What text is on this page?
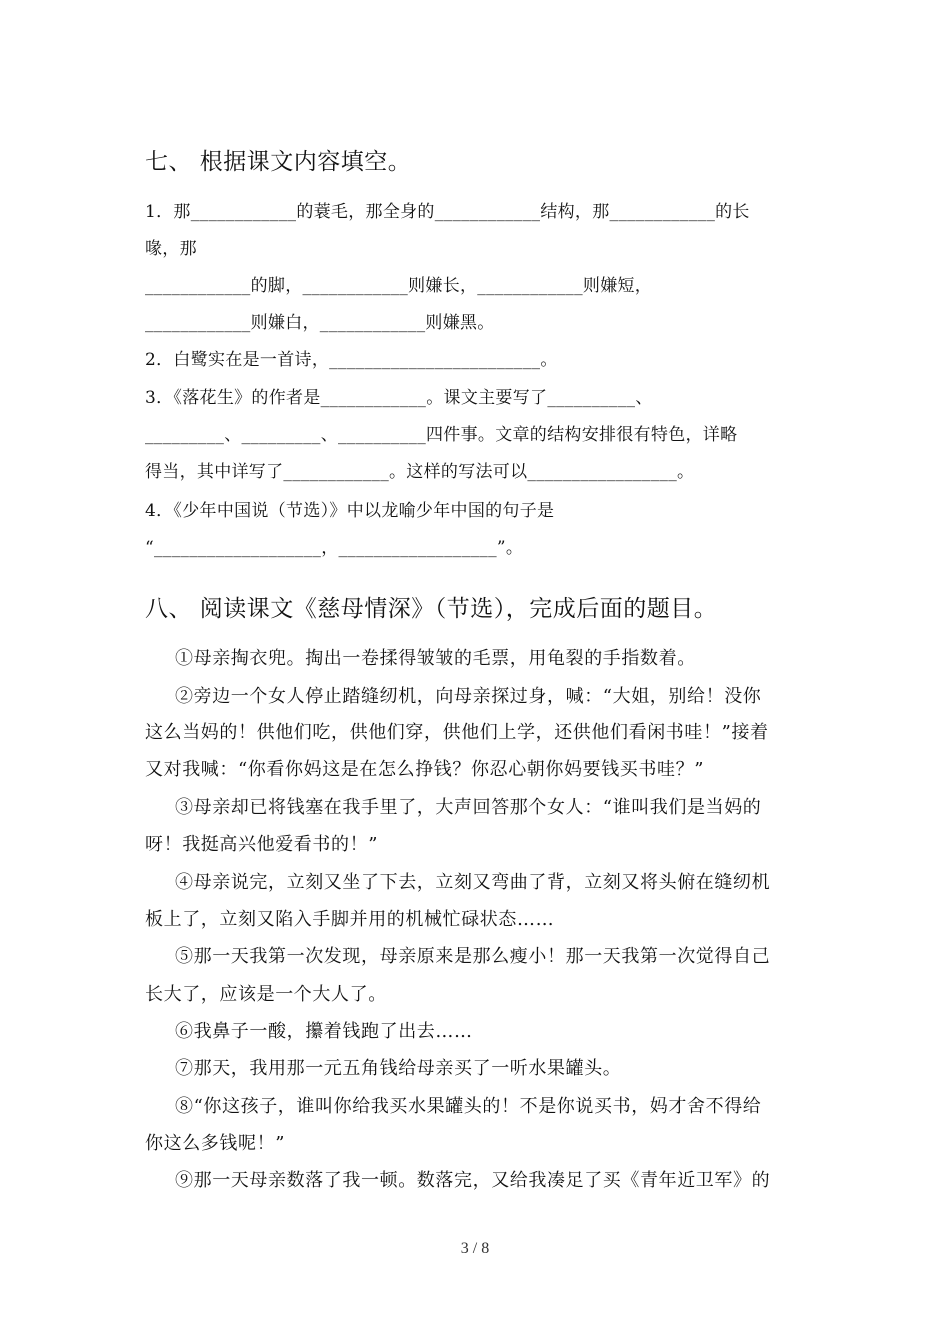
七、 根据课文内容填空。
1．那____________的蓑毛，那全身的____________结构，那____________的长
喙，那
____________的脚，____________则嫌长，____________则嫌短，
____________则嫌白，____________则嫌黑。
2．白鹭实在是一首诗，________________________。
3．《落花生》的作者是____________。课文主要写了__________、
_________、_________、__________四件事。文章的结构安排很有特色，详略
得当，其中详写了____________。这样的写法可以_________________。
4．《少年中国说（节选）》中以龙喻少年中国的句子是
“___________________，__________________”。
八、 阅读课文《慈母情深》（节选），完成后面的题目。
①母亲掏衣兜。掏出一卷揉得皱皱的毛票，用龟裂的手指数着。
②旁边一个女人停止踏缝纫机，向母亲探过身，喊：“大姐，别给！没你
这么当妈的！供他们吃，供他们穿，供他们上学，还供他们看闲书哇！”接着
又对我喊：“你看你妈这是在怎么挣钱？你忍心朝你妈要钱买书哇？”
③母亲却已将钱塞在我手里了，大声回答那个女人：“谁叫我们是当妈的
呀！我挺高兴他爱看书的！”
④母亲说完，立刻又坐了下去，立刻又弯曲了背，立刻又将头俯在缝纫机
板上了，立刻又陷入手脚并用的机械忙碌状态……
⑤那一天我第一次发现，母亲原来是那么瘦小！那一天我第一次觉得自己
长大了，应该是一个大人了。
⑥我鼻子一酸，攥着钱跑了出去……
⑦那天，我用那一元五角钱给母亲买了一听水果罐头。
⑧“你这孩子，谁叫你给我买水果罐头的！不是你说买书，妈才舍不得给
你这么多钱呢！”
⑨那一天母亲数落了我一顿。数落完，又给我凑足了买《青年近卫军》的
3 / 8
